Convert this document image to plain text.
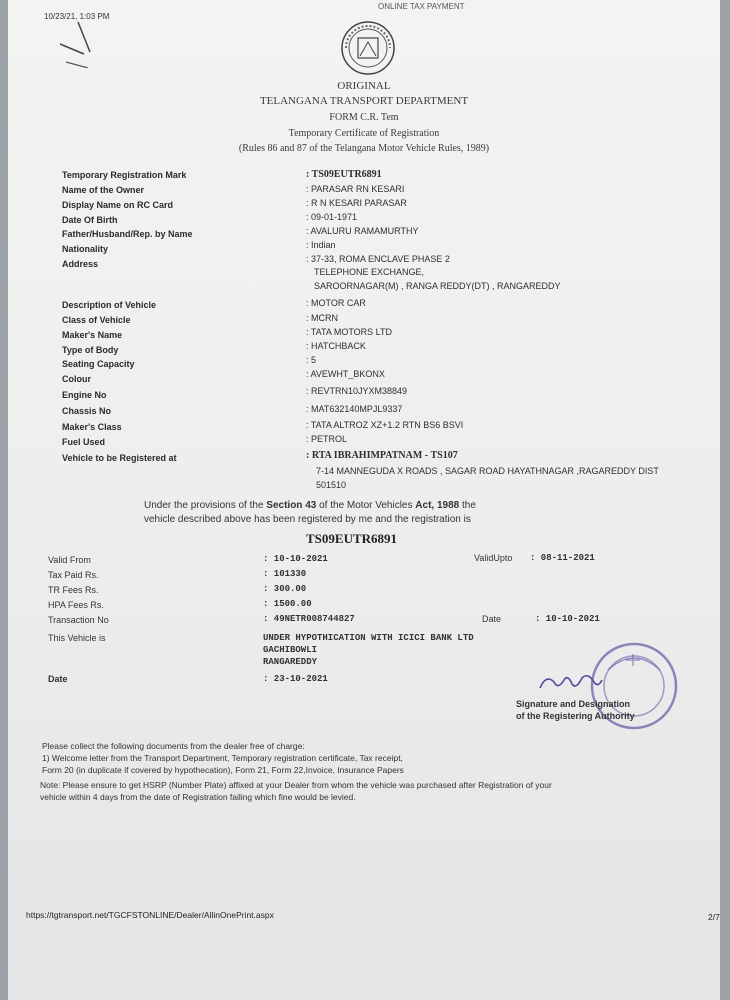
10/23/21, 1:03 PM
ONLINE TAX PAYMENT
ORIGINAL
TELANGANA TRANSPORT DEPARTMENT
FORM C.R. Tem
Temporary Certificate of Registration
(Rules 86 and 87 of the Telangana Motor Vehicle Rules, 1989)
Temporary Registration Mark	: TS09EUTR6891
Name of the Owner	: PARASAR RN KESARI
Display Name on RC Card	: R N KESARI PARASAR
Date Of Birth	: 09-01-1971
Father/Husband/Rep. by Name	: AVALURU RAMAMURTHY
Nationality	: Indian
Address	: 37-33, ROMA ENCLAVE PHASE 2
TELEPHONE EXCHANGE,
SAROORNAGAR(M) , RANGA REDDY(DT) , RANGAREDDY
Description of Vehicle	: MOTOR CAR
Class of Vehicle	: MCRN
Maker's Name	: TATA MOTORS LTD
Type of Body	: HATCHBACK
Seating Capacity	: 5
Colour	: AVEWHT_BKONX
Engine No	: REVTRN10JYXM38849
Chassis No	: MAT632140MPJL9337
Maker's Class	: TATA ALTROZ XZ+1.2 RTN BS6 BSVI
Fuel Used	: PETROL
Vehicle to be Registered at	: RTA IBRAHIMPATNAM - TS107
7-14 MANNEGUDA X ROADS , SAGAR ROAD HAYATHNAGAR ,RAGAREDDY DIST
501510
Under the provisions of the Section 43 of the Motor Vehicles Act, 1988 the
vehicle described above has been registered by me and the registration is
TS09EUTR6891
Valid From	: 10-10-2021	ValidUpto : 08-11-2021
Tax Paid Rs.	: 101330
TR Fees Rs.	: 300.00
HPA Fees Rs.	: 1500.00
Transaction No	: 49NETR008744827	Date	: 10-10-2021
This Vehicle is	UNDER HYPOTHICATION WITH ICICI BANK LTD
GACHIBOWLI
RANGAREDDY
Date	: 23-10-2021
Signature and Designation
of the Registering Authority
Please collect the following documents from the dealer free of charge:
1) Welcome letter from the Transport Department, Temporary registration certificate, Tax receipt,
Form 20 (in duplicate if covered by hypothecation), Form 21, Form 22,Invoice, Insurance Papers
Note: Please ensure to get HSRP (Number Plate) affixed at your Dealer from whom the vehicle was purchased after Registration of your
vehicle within 4 days from the date of Registration failing which fine would be levied.
https://tgtransport.net/TGCFSTONLINE/Dealer/AllinOnePrint.aspx	2/7
